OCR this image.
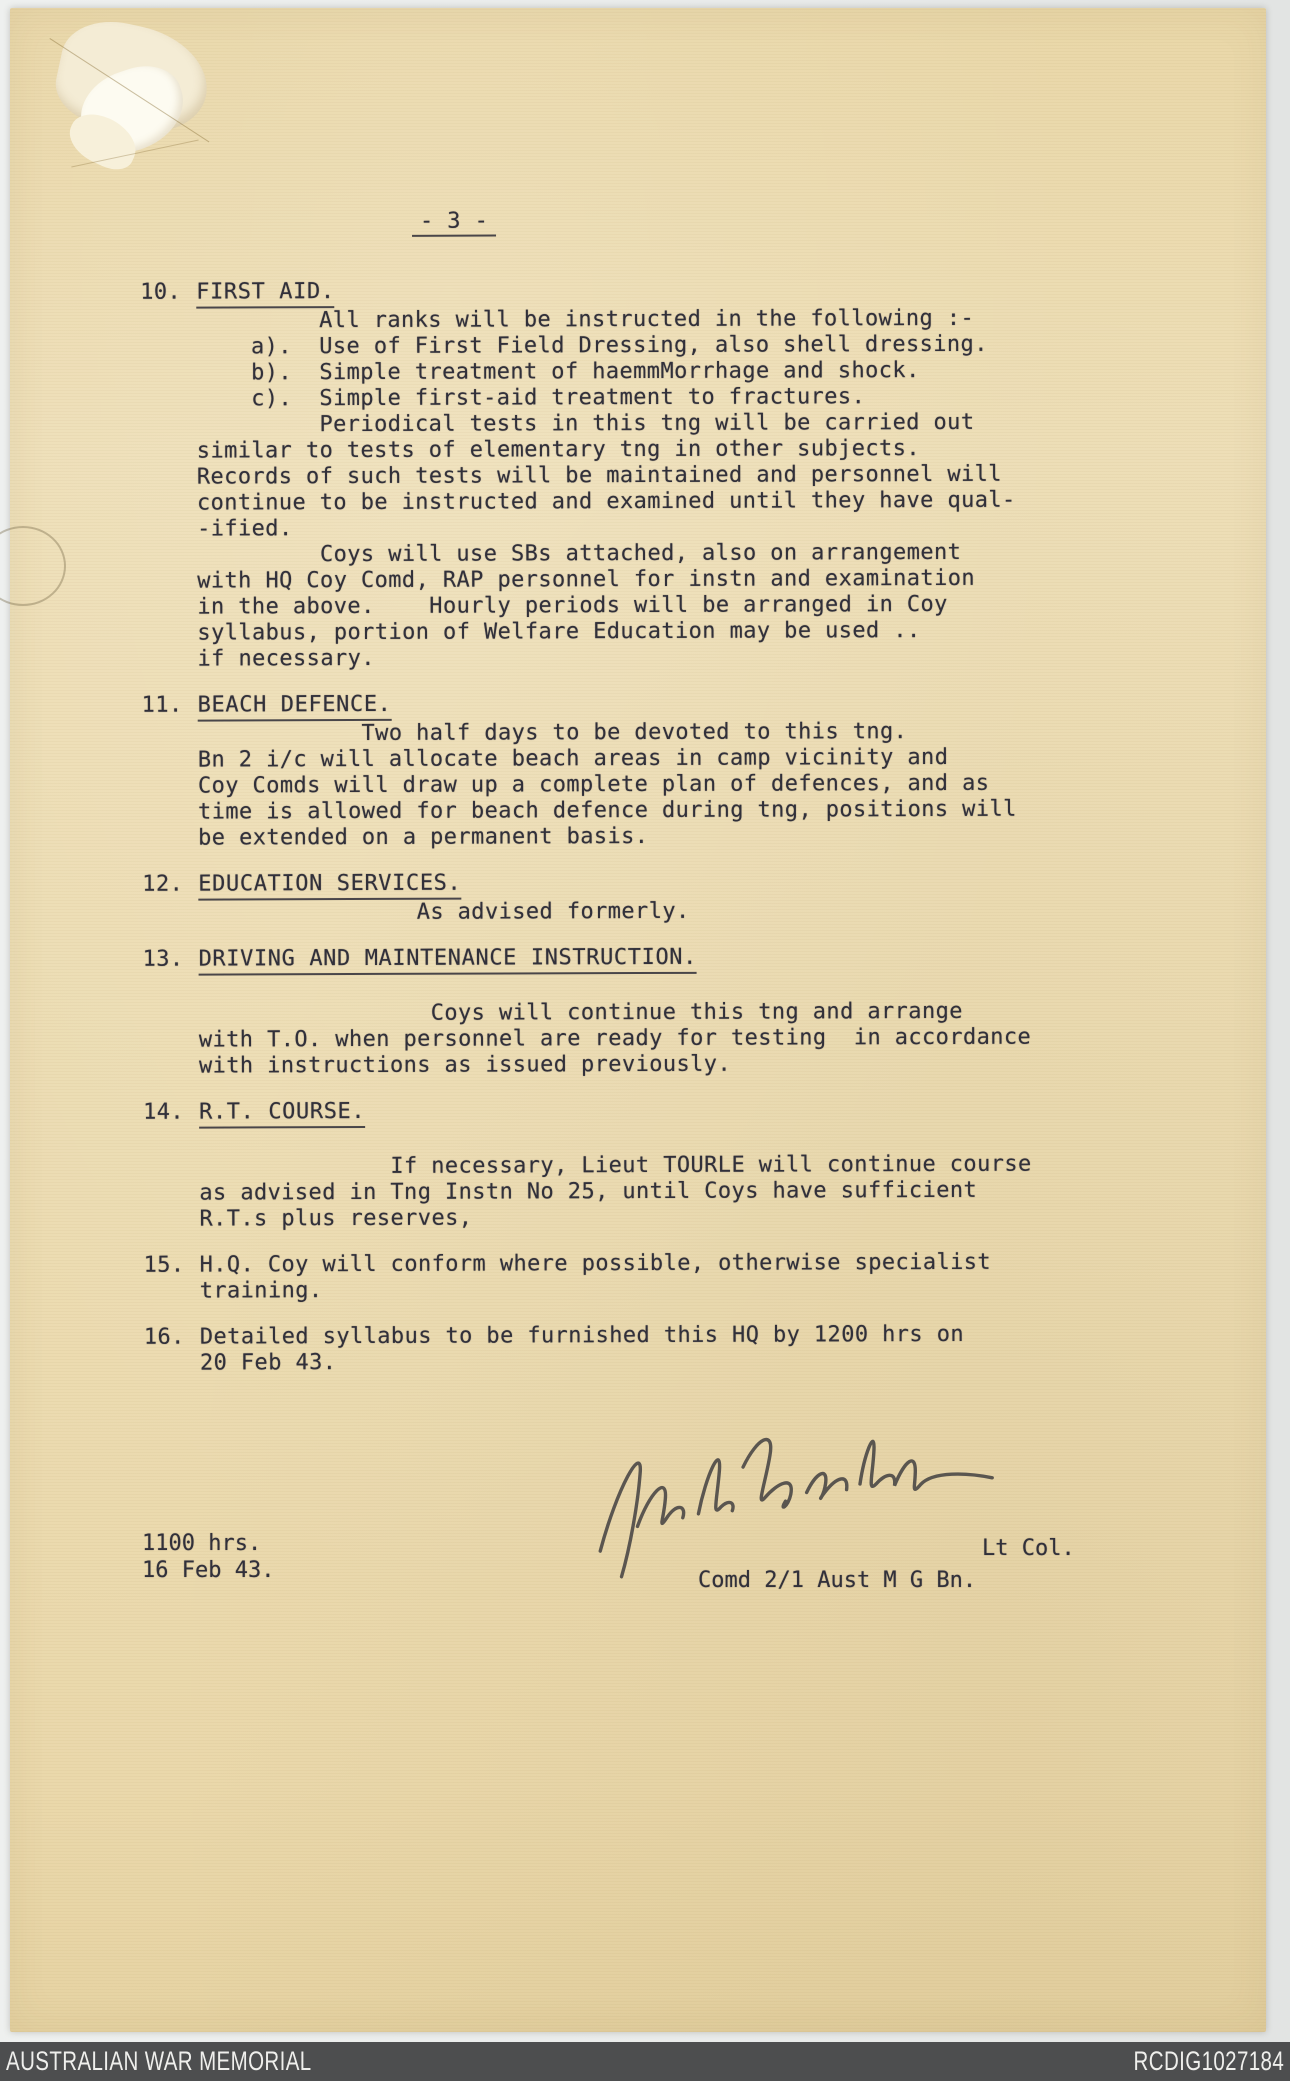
- 3 -
10. FIRST AID.
All ranks will be instructed in the following :-
a).  Use of First Field Dressing, also shell dressing.
b).  Simple treatment of haemmMorrhage and shock.
c).  Simple first-aid treatment to fractures.
Periodical tests in this tng will be carried out
similar to tests of elementary tng in other subjects.
Records of such tests will be maintained and personnel will
continue to be instructed and examined until they have qual-
-ified.
Coys will use SBs attached, also on arrangement
with HQ Coy Comd, RAP personnel for instn and examination
in the above.    Hourly periods will be arranged in Coy
syllabus, portion of Welfare Education may be used ..
if necessary.
11. BEACH DEFENCE.
Two half days to be devoted to this tng.
Bn 2 i/c will allocate beach areas in camp vicinity and
Coy Comds will draw up a complete plan of defences, and as
time is allowed for beach defence during tng, positions will
be extended on a permanent basis.
12. EDUCATION SERVICES.
As advised formerly.
13. DRIVING AND MAINTENANCE INSTRUCTION.
Coys will continue this tng and arrange
with T.O. when personnel are ready for testing  in accordance
with instructions as issued previously.
14. R.T. COURSE.
If necessary, Lieut TOURLE will continue course
as advised in Tng Instn No 25, until Coys have sufficient
R.T.s plus reserves,
15. H.Q. Coy will conform where possible, otherwise specialist
training.
16. Detailed syllabus to be furnished this HQ by 1200 hrs on
20 Feb 43.
1100 hrs.
16 Feb 43.
Lt Col.
Comd 2/1 Aust M G Bn.
AUSTRALIAN WAR MEMORIAL	RCDIG1027184
